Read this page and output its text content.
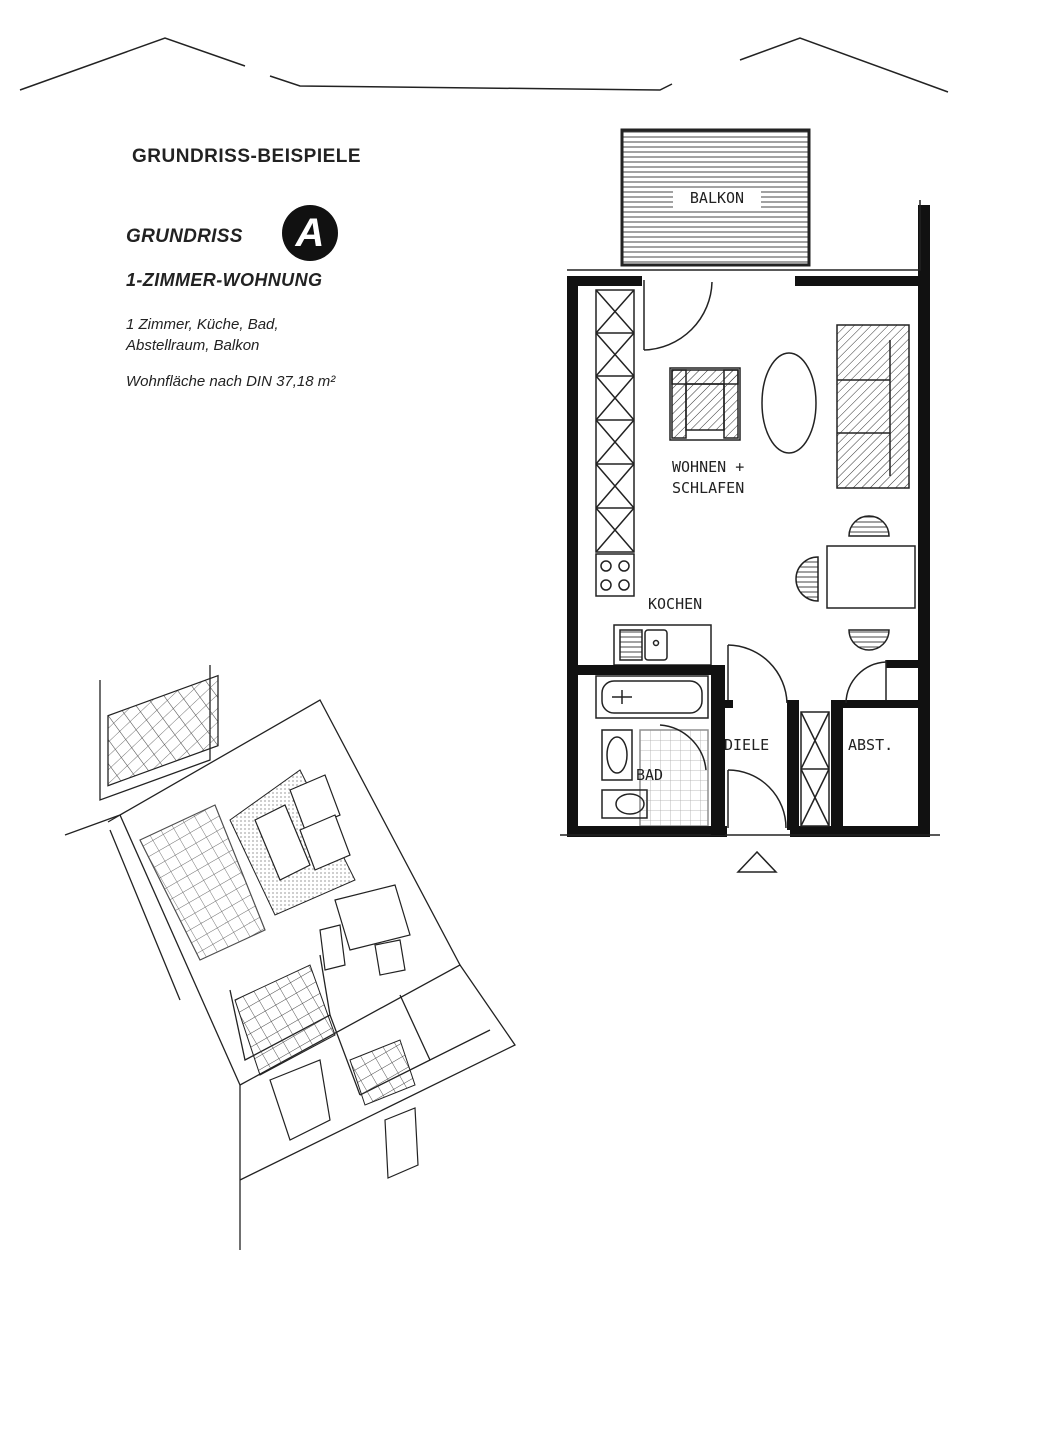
GRUNDRISS-BEISPIELE
GRUNDRISS	A
1-ZIMMER-WOHNUNG
1 Zimmer, Küche, Bad,
Abstellraum, Balkon
Wohnfläche nach DIN 37,18 m²
BALKON
WOHNEN +
SCHLAFEN
KOCHEN
BAD
DIELE	ABST.
